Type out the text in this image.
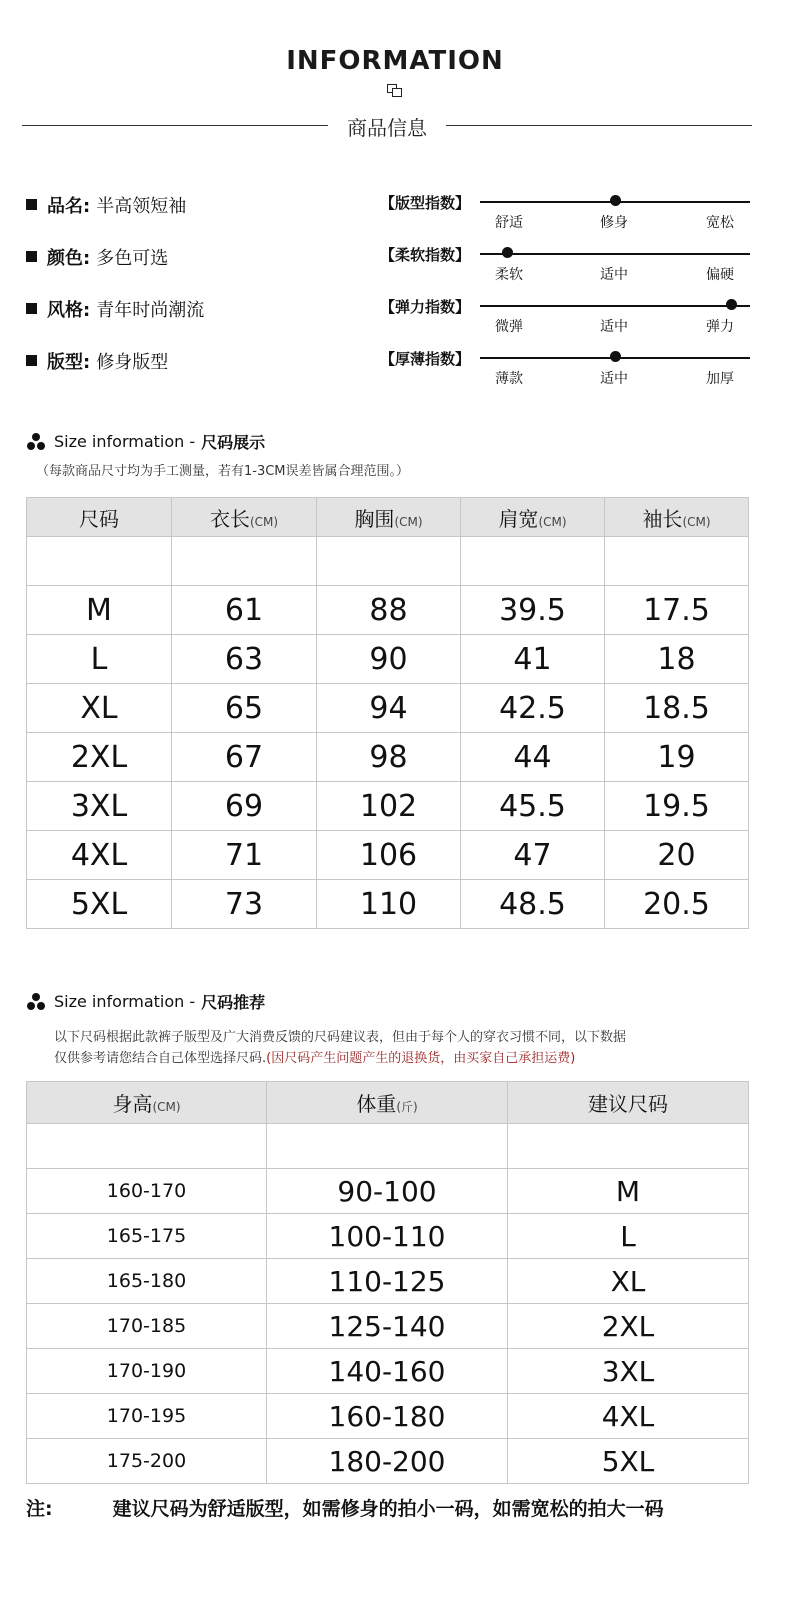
INFORMATION
商品信息
品名: 半高领短袖
颜色: 多色可选
风格: 青年时尚潮流
版型: 修身版型
【版型指数】
舒适	修身	宽松
【柔软指数】
柔软	适中	偏硬
【弹力指数】
微弹	适中	弹力
【厚薄指数】
薄款	适中	加厚
Size information - 尺码展示
（每款商品尺寸均为手工测量，若有1-3CM误差皆属合理范围。）
尺码	衣长(CM)	胸围(CM)	肩宽(CM)	袖长(CM)

M	61	88	39.5	17.5
L	63	90	41	18
XL	65	94	42.5	18.5
2XL	67	98	44	19
3XL	69	102	45.5	19.5
4XL	71	106	47	20
5XL	73	110	48.5	20.5
Size information - 尺码推荐
以下尺码根据此款裤子版型及广大消费反馈的尺码建议表，但由于每个人的穿衣习惯不同，以下数据
仅供参考请您结合自己体型选择尺码.(因尺码产生问题产生的退换货，由买家自己承担运费)
身高(CM)	体重(斤)	建议尺码

160-170	90-100	M
165-175	100-110	L
165-180	110-125	XL
170-185	125-140	2XL
170-190	140-160	3XL
170-195	160-180	4XL
175-200	180-200	5XL
注:	建议尺码为舒适版型，如需修身的拍小一码，如需宽松的拍大一码
